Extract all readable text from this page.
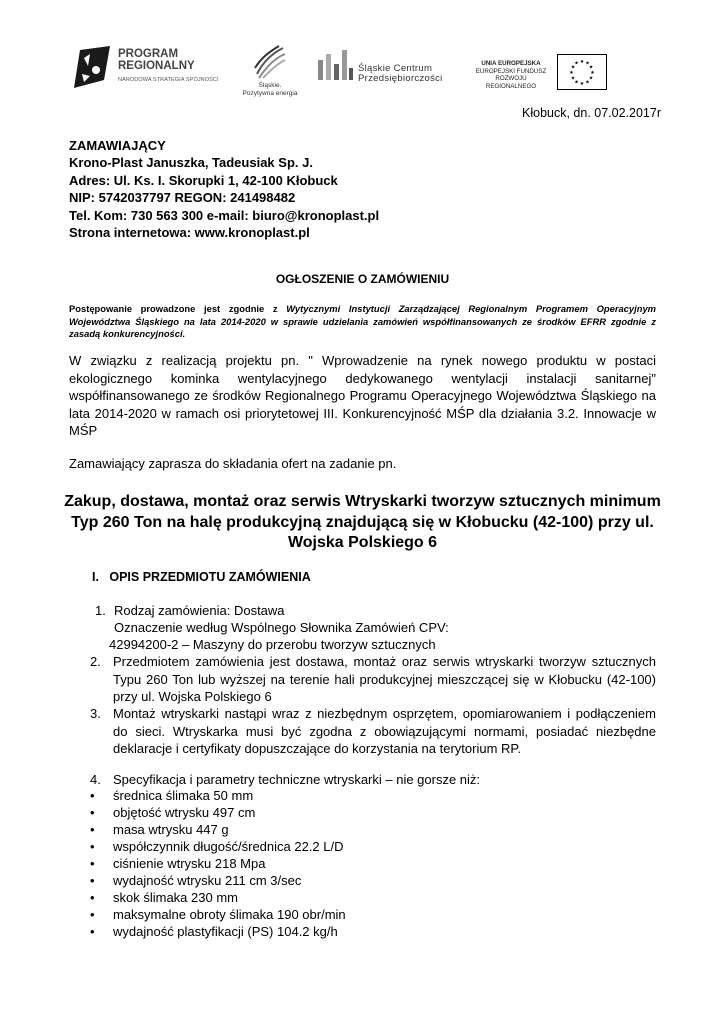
PROGRAM
REGIONALNY
NARODOWA STRATEGIA SPÓJNOŚCI
Śląskie.
Pozytywna energia
Śląskie Centrum
Przedsiębiorczości
UNIA EUROPEJSKA
EUROPEJSKI FUNDUSZ
ROZWOJU REGIONALNEGO
★ ★
★
★
★
★
★
★
★
★
★
★
Kłobuck, dn. 07.02.2017r
ZAMAWIAJĄCY
Krono-Plast Januszka, Tadeusiak Sp. J.
Adres: Ul. Ks. I. Skorupki 1, 42-100 Kłobuck
NIP: 5742037797 REGON: 241498482
Tel. Kom: 730 563 300 e-mail: biuro@kronoplast.pl
Strona internetowa: www.kronoplast.pl
OGŁOSZENIE O ZAMÓWIENIU
Postępowanie prowadzone jest zgodnie z Wytycznymi Instytucji Zarządzającej Regionalnym Programem Operacyjnym Województwa Śląskiego na lata 2014-2020 w sprawie udzielania zamówień współfinansowanych ze środków EFRR zgodnie z zasadą konkurencyjności.
W związku z realizacją projektu pn. " Wprowadzenie na rynek nowego produktu w postaci ekologicznego kominka wentylacyjnego dedykowanego wentylacji instalacji sanitarnej" współfinansowanego ze środków Regionalnego Programu Operacyjnego Województwa Śląskiego na lata 2014-2020 w ramach osi priorytetowej III. Konkurencyjność MŚP dla działania 3.2. Innowacje w MŚP
Zamawiający zaprasza do składania ofert na zadanie pn.
Zakup, dostawa, montaż oraz serwis Wtryskarki tworzyw sztucznych minimum Typ 260 Ton na halę produkcyjną znajdującą się w Kłobucku (42-100) przy ul. Wojska Polskiego 6
I. OPIS PRZEDMIOTU ZAMÓWIENIA
1. Rodzaj zamówienia: Dostawa
Oznaczenie według Wspólnego Słownika Zamówień CPV:
42994200-2 – Maszyny do przerobu tworzyw sztucznych
2. Przedmiotem zamówienia jest dostawa, montaż oraz serwis wtryskarki tworzyw sztucznych Typu 260 Ton lub wyższej na terenie hali produkcyjnej mieszczącej się w Kłobucku (42-100) przy ul. Wojska Polskiego 6
3. Montaż wtryskarki nastąpi wraz z niezbędnym osprzętem, opomiarowaniem i podłączeniem do sieci. Wtryskarka musi być zgodna z obowiązującymi normami, posiadać niezbędne deklaracje i certyfikaty dopuszczające do korzystania na terytorium RP.
4. Specyfikacja i parametry techniczne wtryskarki – nie gorsze niż:
• średnica ślimaka 50 mm
• objętość wtrysku 497 cm
• masa wtrysku 447 g
• współczynnik długość/średnica 22.2 L/D
• ciśnienie wtrysku 218 Mpa
• wydajność wtrysku 211 cm 3/sec
• skok ślimaka 230 mm
• maksymalne obroty ślimaka 190 obr/min
• wydajność plastyfikacji (PS) 104.2 kg/h
